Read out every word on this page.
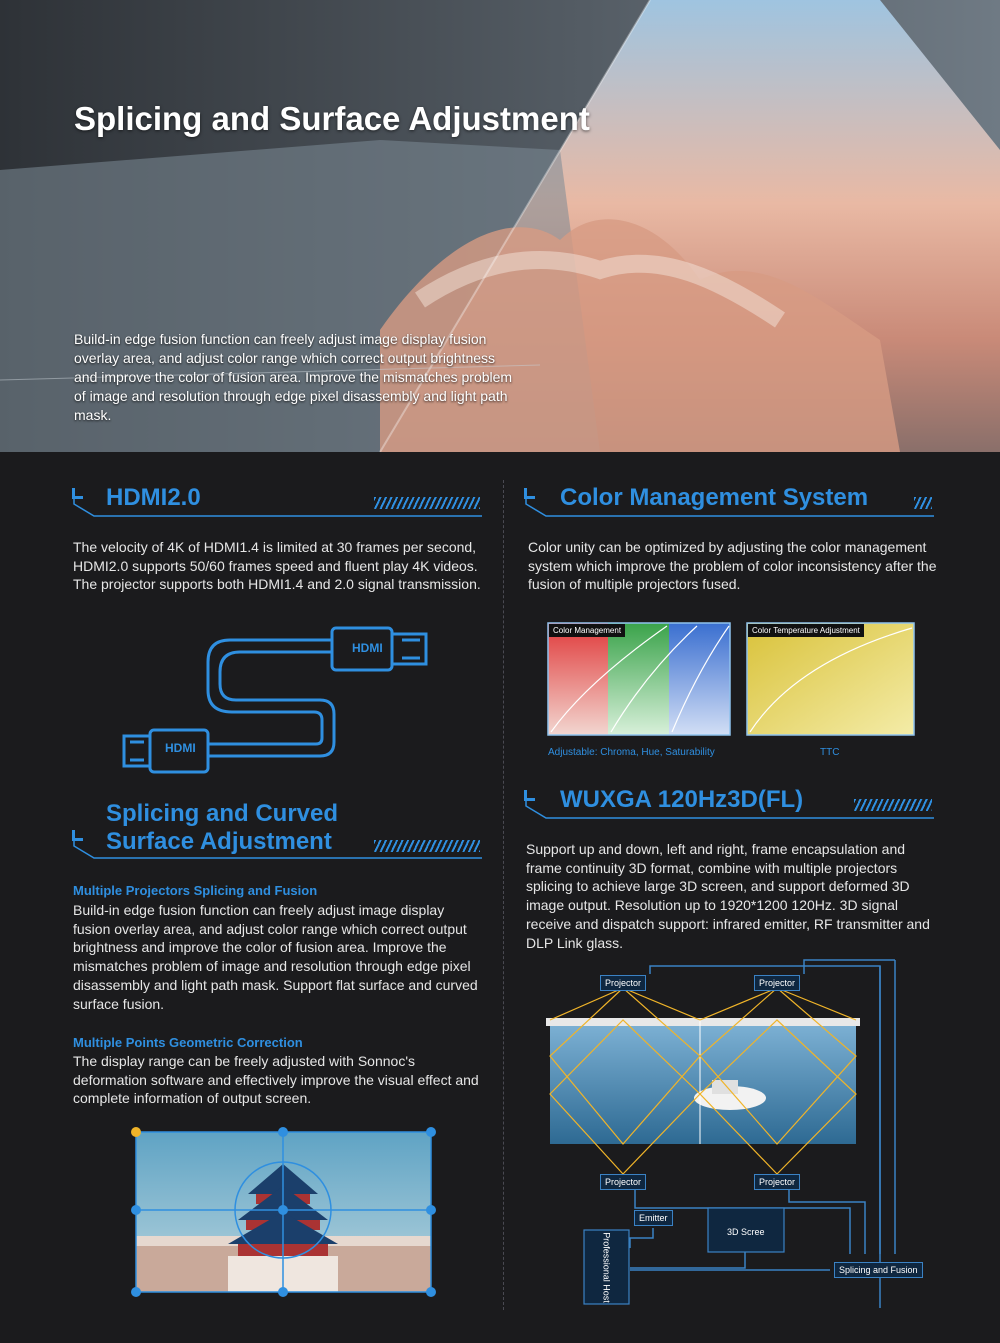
Splicing and Surface Adjustment
Build-in edge fusion function can freely adjust image display fusion overlay area, and adjust color range which correct output brightness and improve the color of fusion area. Improve the mismatches problem of image and resolution through edge pixel disassembly and light path mask.
HDMI2.0
The velocity of 4K of HDMI1.4 is limited at 30 frames per second, HDMI2.0 supports 50/60 frames speed and fluent play 4K videos. The projector supports both HDMI1.4 and 2.0 signal transmission.
HDMI
HDMI
Color Management System
Color unity can be optimized by adjusting the color management system which improve the problem of color inconsistency after the fusion of multiple projectors fused.
Color Management	Color Temperature Adjustment
Adjustable: Chroma, Hue, Saturability	TTC
Splicing and Curved
Surface Adjustment
Multiple Projectors Splicing and Fusion
Build-in edge fusion function can freely adjust image display fusion overlay area, and adjust color range which correct output brightness and improve the color of fusion area. Improve the mismatches problem of image and resolution through edge pixel disassembly and light path mask. Support flat surface and curved surface fusion.
Multiple Points Geometric Correction
The display range can be freely adjusted with Sonnoc's deformation software and effectively improve the visual effect and complete information of output screen.
WUXGA 120Hz3D(FL)
Support up and down, left and right, frame encapsulation and frame continuity 3D format, combine with multiple projectors splicing to achieve large 3D screen, and support deformed 3D image output. Resolution up to 1920*1200 120Hz. 3D signal receive and dispatch support: infrared emitter, RF transmitter and DLP Link glass.
Projector	Projector
Projector	Projector
Emitter
3D Scree
Professional Host	Splicing and Fusion
